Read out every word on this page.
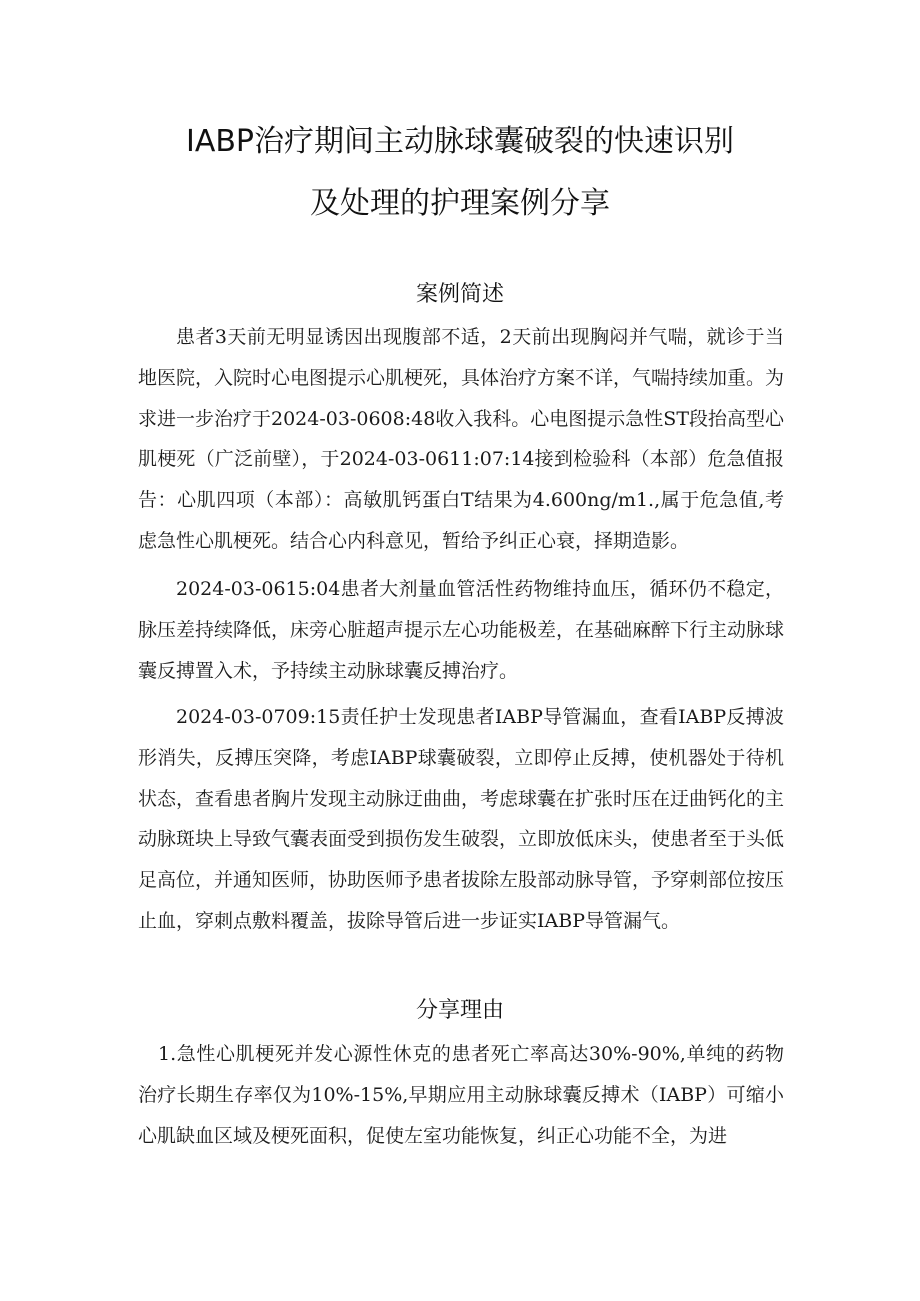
IABP治疗期间主动脉球囊破裂的快速识别
及处理的护理案例分享
案例简述

患者3天前无明显诱因出现腹部不适，2天前出现胸闷并气喘，就诊于当地医院，入院时心电图提示心肌梗死，具体治疗方案不详，气喘持续加重。为求进一步治疗于2024-03-0608:48收入我科。心电图提示急性ST段抬高型心肌梗死（广泛前壁），于2024-03-0611:07:14接到检验科（本部）危急值报告：心肌四项（本部）：高敏肌钙蛋白T结果为4.600ng/m1.,属于危急值,考虑急性心肌梗死。结合心内科意见，暂给予纠正心衰，择期造影。

2024-03-0615:04患者大剂量血管活性药物维持血压，循环仍不稳定，脉压差持续降低，床旁心脏超声提示左心功能极差，在基础麻醉下行主动脉球囊反搏置入术，予持续主动脉球囊反搏治疗。

2024-03-0709:15责任护士发现患者IABP导管漏血，查看IABP反搏波形消失，反搏压突降，考虑IABP球囊破裂，立即停止反搏，使机器处于待机状态，查看患者胸片发现主动脉迂曲曲，考虑球囊在扩张时压在迂曲钙化的主动脉斑块上导致气囊表面受到损伤发生破裂，立即放低床头，使患者至于头低足高位，并通知医师，协助医师予患者拔除左股部动脉导管，予穿刺部位按压止血，穿刺点敷料覆盖，拔除导管后进一步证实IABP导管漏气。

分享理由

1.急性心肌梗死并发心源性休克的患者死亡率高达30%-90%,单纯的药物治疗长期生存率仅为10%-15%,早期应用主动脉球囊反搏术（IABP）可缩小心肌缺血区域及梗死面积，促使左室功能恢复，纠正心功能不全，为进
